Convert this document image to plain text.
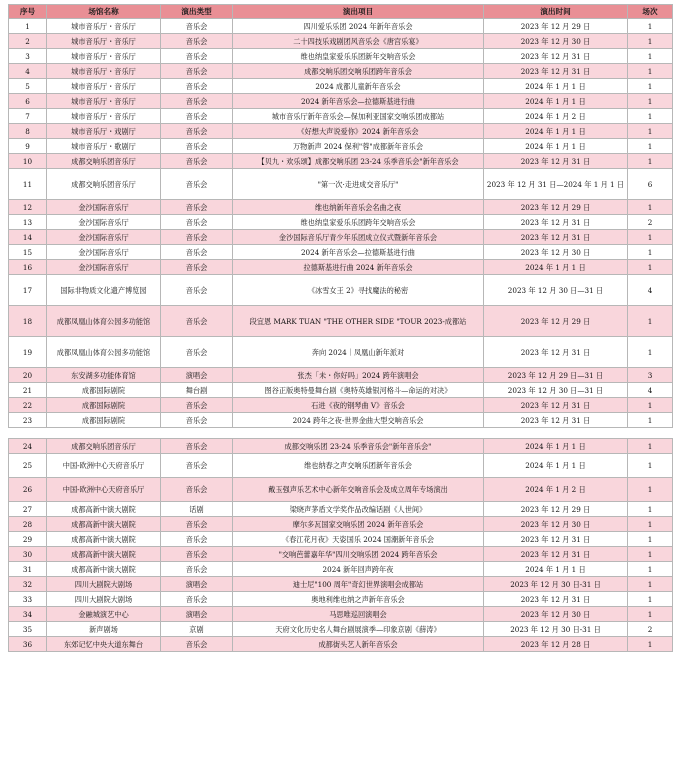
序号	场馆名称	演出类型	演出项目	演出时间	场次
1	城市音乐厅・音乐厅	音乐会	四川爱乐乐团 2024 年新年音乐会	2023 年 12 月 29 日	1
2	城市音乐厅・音乐厅	音乐会	二十四技乐戏剧团风音乐会《唐宫乐宴》	2023 年 12 月 30 日	1
3	城市音乐厅・音乐厅	音乐会	维也纳皇家爱乐乐团新年交响音乐会	2023 年 12 月 31 日	1
4	城市音乐厅・音乐厅	音乐会	成都交响乐团交响乐团跨年音乐会	2023 年 12 月 31 日	1
5	城市音乐厅・音乐厅	音乐会	2024 成都儿童新年音乐会	2024 年 1 月 1 日	1
6	城市音乐厅・音乐厅	音乐会	2024 新年音乐会—拉德斯基进行曲	2024 年 1 月 1 日	1
7	城市音乐厅・音乐厅	音乐会	城市音乐厅新年音乐会—保加利亚国家交响乐团成都站	2024 年 1 月 2 日	1
8	城市音乐厅・戏剧厅	音乐会	《好想大声说爱你》2024 新年音乐会	2024 年 1 月 1 日	1
9	城市音乐厅・歌剧厅	音乐会	万物新声 2024 保利"蓉"成都新年音乐会	2024 年 1 月 1 日	1
10	成都交响乐团音乐厅	音乐会	【贝九・欢乐颂】成都交响乐团 23-24 乐季音乐会"新年音乐会	2023 年 12 月 31 日	1
11	成都交响乐团音乐厅	音乐会	"第一次·走进成交音乐厅"	2023 年 12 月 31 日—2024 年 1 月 1 日	6
12	金沙国际音乐厅	音乐会	维也纳新年音乐会名曲之夜	2023 年 12 月 29 日	1
13	金沙国际音乐厅	音乐会	维也纳皇家爱乐乐团跨年交响音乐会	2023 年 12 月 31 日	2
14	金沙国际音乐厅	音乐会	金沙国际音乐厅青少年乐团成立仪式暨新年音乐会	2023 年 12 月 31 日	1
15	金沙国际音乐厅	音乐会	2024 新年音乐会—拉德斯基进行曲	2023 年 12 月 30 日	1
16	金沙国际音乐厅	音乐会	拉德斯基进行曲 2024 新年音乐会	2024 年 1 月 1 日	1
17	国际非物质文化遗产博览园	音乐会	《冰雪女王 2》寻找魔法的秘密	2023 年 12 月 30 日—31 日	4
18	成都凤凰山体育公园多功能馆	音乐会	段宜恩 MARK TUAN "THE OTHER SIDE "TOUR 2023-成都站	2023 年 12 月 29 日	1
19	成都凤凰山体育公园多功能馆	音乐会	奔向 2024｜凤凰山新年派对	2023 年 12 月 31 日	1
20	东安湖多功能体育馆	演唱会	张杰「未・你好吗」2024 跨年演唱会	2023 年 12 月 29 日—31 日	3
21	成都国际剧院	舞台剧	图谷正版奥特曼舞台剧《奥特英雄银河格斗—命运的对决》	2023 年 12 月 30 日—31 日	4
22	成都国际剧院	音乐会	石进《夜的钢琴曲 V》音乐会	2023 年 12 月 31 日	1
23	成都国际剧院	音乐会	2024 跨年之夜-世界金曲大型交响音乐会	2023 年 12 月 31 日	1
24	成都交响乐团音乐厅	音乐会	成都交响乐团 23-24 乐季音乐会"新年音乐会"	2024 年 1 月 1 日	1
25	中国-欧洲中心天府音乐厅	音乐会	维也纳春之声交响乐团新年音乐会	2024 年 1 月 1 日	1
26	中国-欧洲中心天府音乐厅	音乐会	戴玉强声乐艺术中心新年交响音乐会及成立周年专场演出	2024 年 1 月 2 日	1
27	成都高新中演大剧院	话剧	梁晓声茅盾文学奖作品改编话剧《人世间》	2023 年 12 月 29 日	1
28	成都高新中演大剧院	音乐会	摩尔多瓦国家交响乐团 2024 新年音乐会	2023 年 12 月 30 日	1
29	成都高新中演大剧院	音乐会	《春江花月夜》天姿国乐 2024 国潮新年音乐会	2023 年 12 月 31 日	1
30	成都高新中演大剧院	音乐会	"交响芭蕾嘉年华"四川交响乐团 2024 跨年音乐会	2023 年 12 月 31 日	1
31	成都高新中演大剧院	音乐会	2024 新年回声跨年夜	2024 年 1 月 1 日	1
32	四川大剧院大剧场	演唱会	迪士尼"100 周年"奇幻世界演唱会成都站	2023 年 12 月 30 日-31 日	1
33	四川大剧院大剧场	音乐会	奥地利维也纳之声新年音乐会	2023 年 12 月 31 日	1
34	金融城演艺中心	演唱会	马思唯巡回演唱会	2023 年 12 月 30 日	1
35	新声剧场	京剧	天府文化历史名人舞台剧展演季—印象京剧《薛涛》	2023 年 12 月 30 日-31 日	2
36	东郊记忆中央大道东舞台	音乐会	成都街头艺人新年音乐会	2023 年 12 月 28 日	1
